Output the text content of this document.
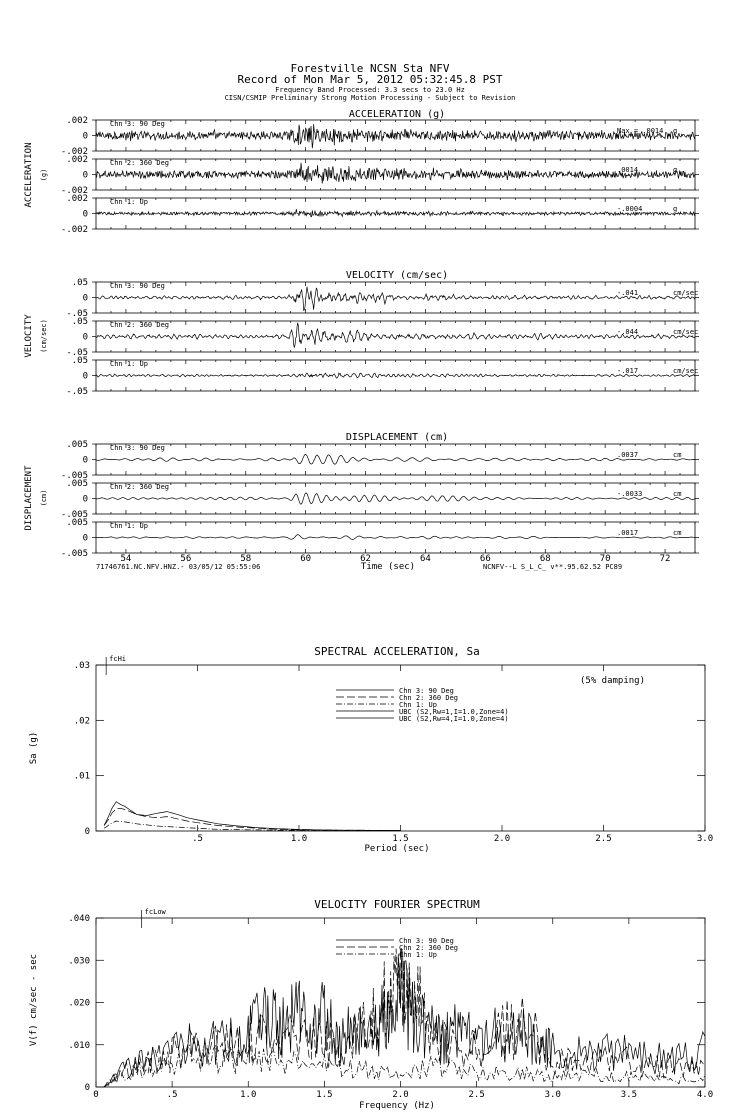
Forestville NCSN Sta NFV
Record of Mon Mar 5, 2012 05:32:45.8 PST
Frequency Band Processed: 3.3 secs to 23.0 Hz
CISN/CSMIP Preliminary Strong Motion Processing - Subject to Revision
ACCELERATION (g)
ACCELERATION (g)
.002
0
-.002
Chn 3: 90 Deg
Max = .0014 g
.002
0
-.002
Chn 2: 360 Deg
.0014	g
.002
0
-.002
Chn 1: Up
-.0004	g
VELOCITY (cm/sec)
VELOCITY (cm/sec)
.05
0
-.05
Chn 3: 90 Deg
-.041	cm/sec
.05
0
-.05
Chn 2: 360 Deg
-.044	cm/sec
.05
0
-.05
Chn 1: Up
-.017	cm/sec
DISPLACEMENT (cm)
DISPLACEMENT (cm)
.005
0
-.005
Chn 3: 90 Deg
.0037	cm
.005
0
-.005
Chn 2: 360 Deg
-.0033	cm
.005
0
-.005
Chn 1: Up
.0017	cm
54	56	58	60	62	64	66	68	70	72
Time (sec)
71746761.NC.NFV.HNZ.- 03/05/12 05:55:06	NCNFV--L S_L_C_ v**.95.62.52 PC89
SPECTRAL ACCELERATION, Sa
Sa (g)
Period (sec)
(5% damping)
Chn 3: 90 Deg
Chn 2: 360 Deg
Chn 1: Up
UBC (S2,Rw=1,I=1.0,Zone=4)
UBC (S2,Rw=4,I=1.0,Zone=4)
0
.01
.02
.03
.5	1.0	1.5	2.0	2.5	3.0
fcHi
VELOCITY FOURIER SPECTRUM
V(f) cm/sec - sec
Frequency (Hz)
Chn 3: 90 Deg
Chn 2: 360 Deg
Chn 1: Up
0
.010
.020
.030
.040
0	.5	1.0	1.5	2.0	2.5	3.0	3.5	4.0
fcLow
